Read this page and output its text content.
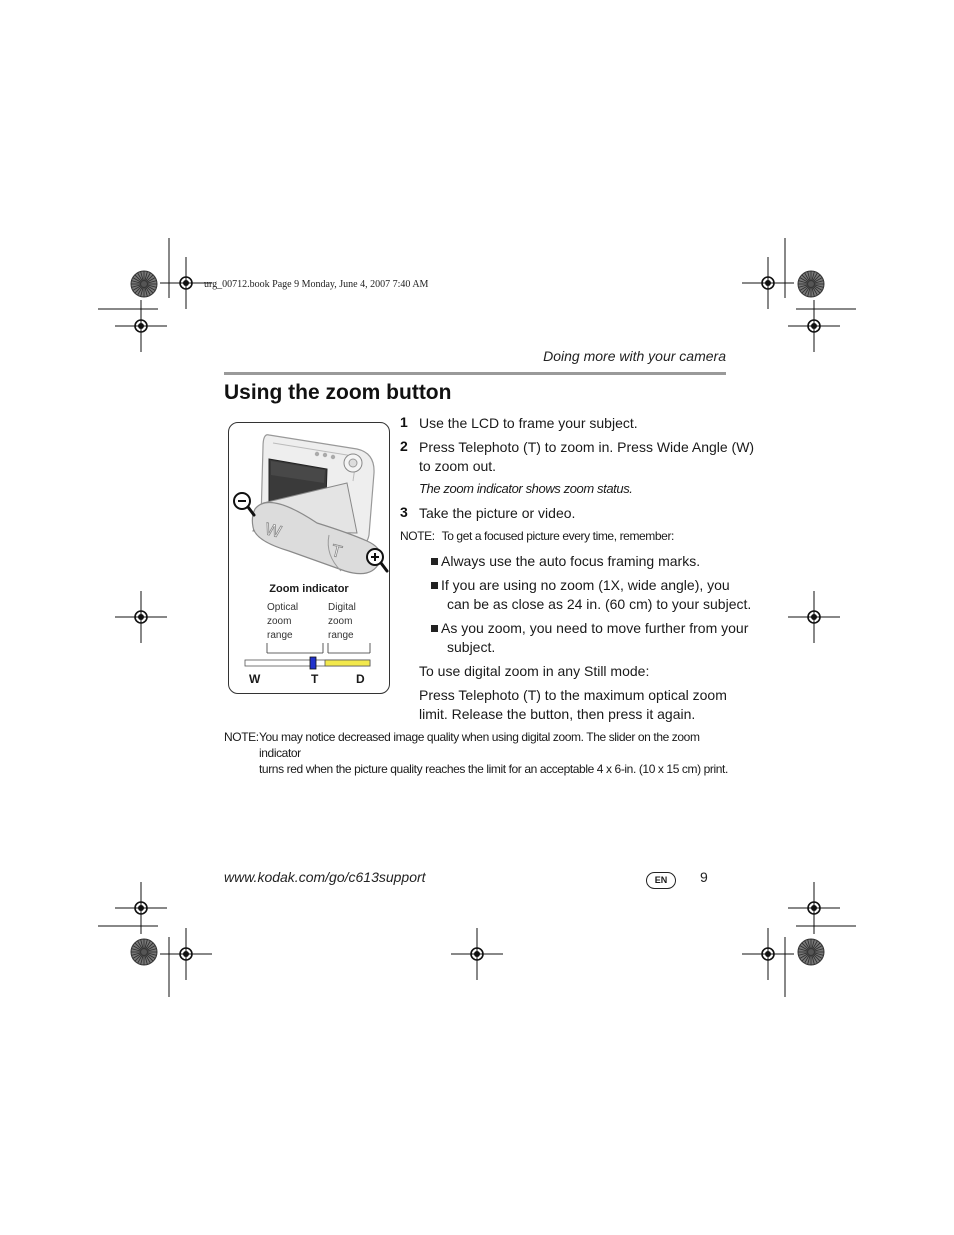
urg_00712.book Page 9 Monday, June 4, 2007 7:40 AM
Doing more with your camera
Using the zoom button
W
T
Zoom indicator
Optical
zoom
range
Digital
zoom
range
W	T	D
1 Use the LCD to frame your subject.
2 Press Telephoto (T) to zoom in. Press Wide Angle (W)
to zoom out.
The zoom indicator shows zoom status.
3 Take the picture or video.
NOTE: To get a focused picture every time, remember:
Always use the auto focus framing marks.
If you are using no zoom (1X, wide angle), you
can be as close as 24 in. (60 cm) to your subject.
As you zoom, you need to move further from your
subject.
To use digital zoom in any Still mode:
Press Telephoto (T) to the maximum optical zoom
limit. Release the button, then press it again.
NOTE: You may notice decreased image quality when using digital zoom. The slider on the zoom indicator
turns red when the picture quality reaches the limit for an acceptable 4 x 6-in. (10 x 15 cm) print.
www.kodak.com/go/c613support	EN	9
